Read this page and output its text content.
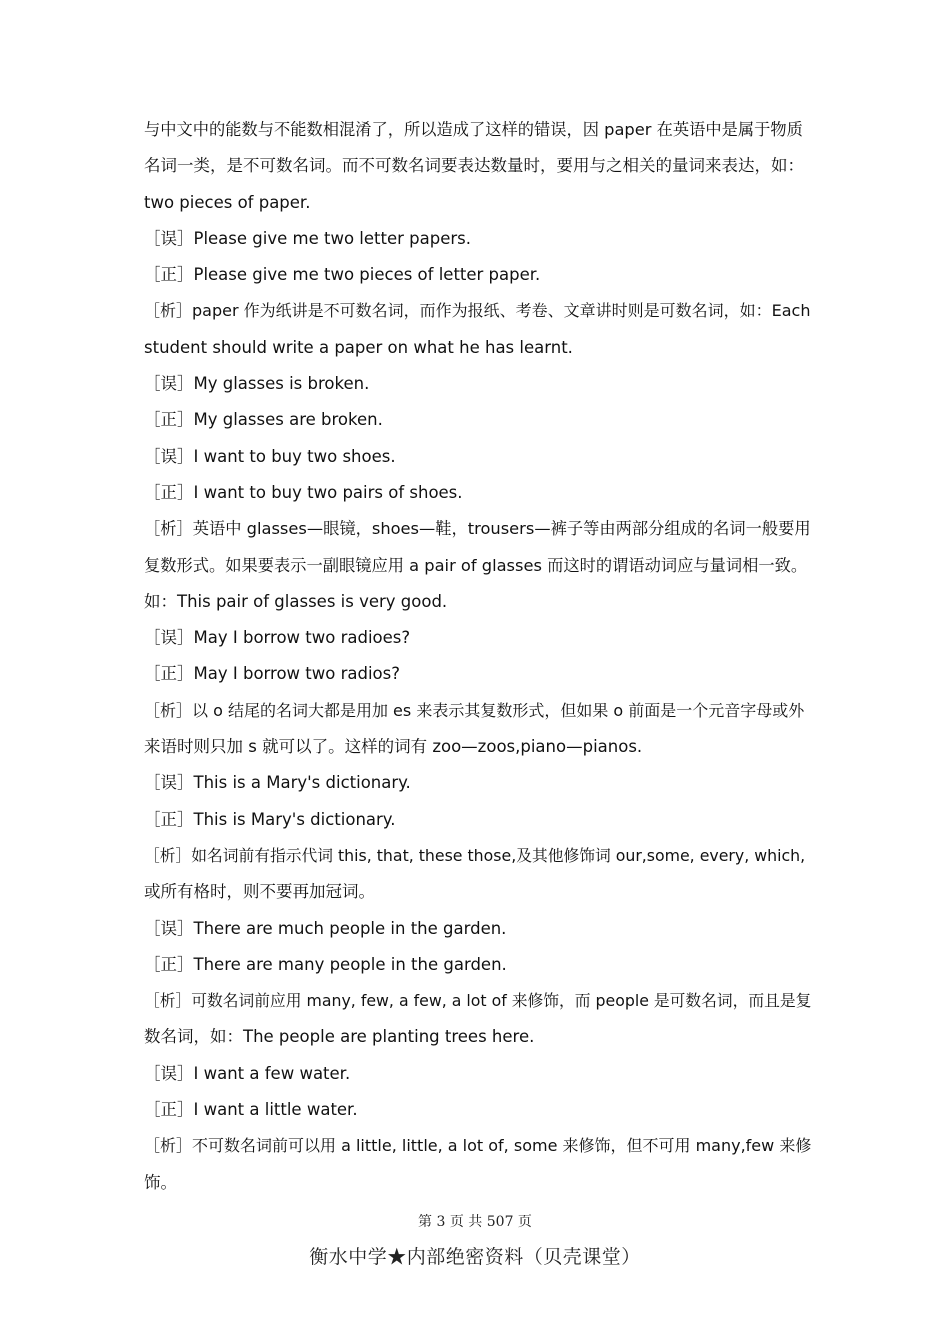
与中文中的能数与不能数相混淆了，所以造成了这样的错误，因 paper 在英语中是属于物质
名词一类，是不可数名词。而不可数名词要表达数量时，要用与之相关的量词来表达，如：
two pieces of paper.
［误］Please give me two letter papers.
［正］Please give me two pieces of letter paper.
［析］paper 作为纸讲是不可数名词，而作为报纸、考卷、文章讲时则是可数名词，如：Each
student should write a paper on what he has learnt.
［误］My glasses is broken.
［正］My glasses are broken.
［误］I want to buy two shoes.
［正］I want to buy two pairs of shoes.
［析］英语中 glasses—眼镜，shoes—鞋，trousers—裤子等由两部分组成的名词一般要用
复数形式。如果要表示一副眼镜应用 a pair of glasses 而这时的谓语动词应与量词相一致。
如：This pair of glasses is very good.
［误］May I borrow two radioes?
［正］May I borrow two radios?
［析］以 o 结尾的名词大都是用加 es 来表示其复数形式，但如果 o 前面是一个元音字母或外
来语时则只加 s 就可以了。这样的词有 zoo—zoos,piano—pianos.
［误］This is a Mary's dictionary.
［正］This is Mary's dictionary.
［析］如名词前有指示代词 this, that, these those,及其他修饰词 our,some, every, which,
或所有格时，则不要再加冠词。
［误］There are much people in the garden.
［正］There are many people in the garden.
［析］可数名词前应用 many, few, a few, a lot of 来修饰，而 people 是可数名词，而且是复
数名词，如：The people are planting trees here.
［误］I want a few water.
［正］I want a little water.
［析］不可数名词前可以用 a little, little, a lot of, some 来修饰，但不可用 many,few 来修
饰。
第 3 页 共 507 页
衡水中学★内部绝密资料（贝壳课堂）
